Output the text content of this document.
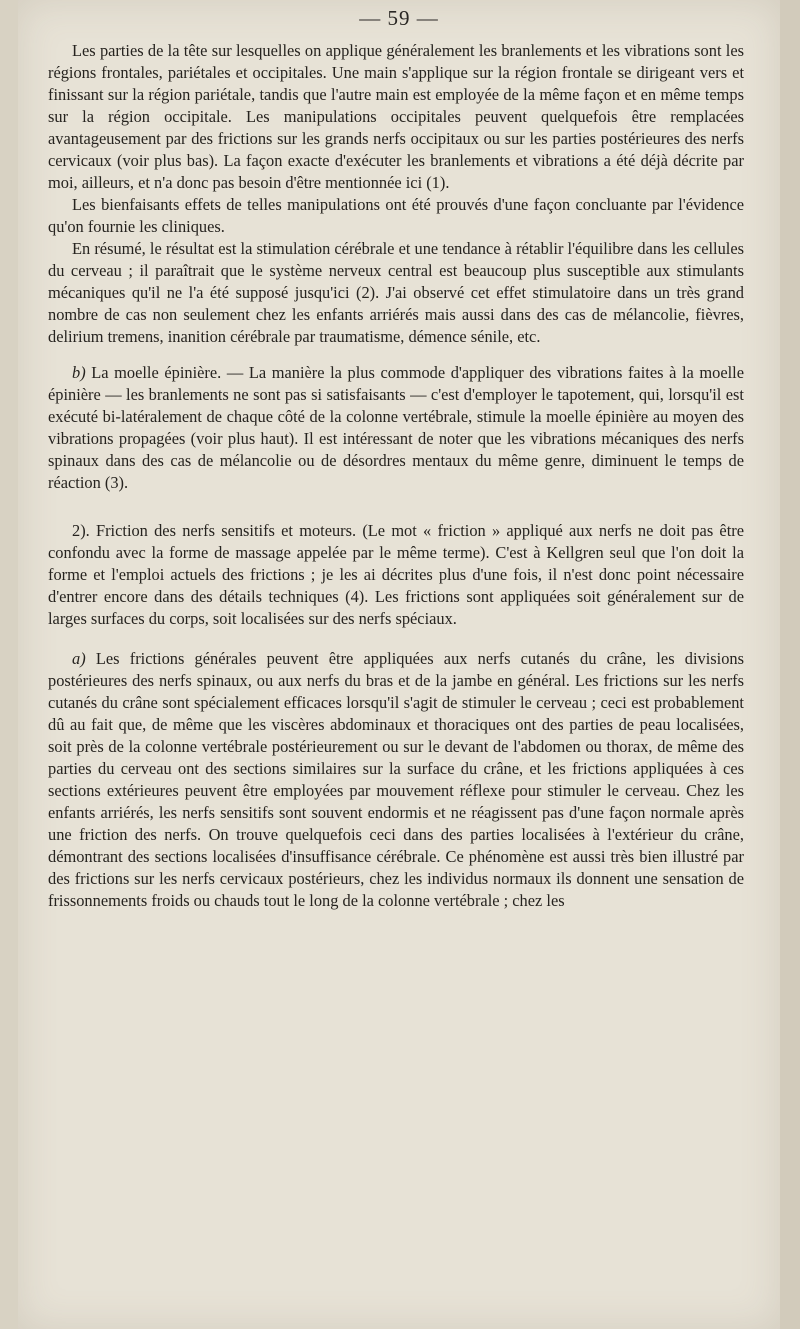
— 59 —

Les parties de la tête sur lesquelles on applique généralement les branlements et les vibrations sont les régions frontales, pariétales et occipitales. Une main s'applique sur la région frontale se dirigeant vers et finissant sur la région pariétale, tandis que l'autre main est employée de la même façon et en même temps sur la région occipitale. Les manipulations occipitales peuvent quelquefois être remplacées avantageusement par des frictions sur les grands nerfs occipitaux ou sur les parties postérieures des nerfs cervicaux (voir plus bas). La façon exacte d'exécuter les branlements et vibrations a été déjà décrite par moi, ailleurs, et n'a donc pas besoin d'être mentionnée ici (1).

Les bienfaisants effets de telles manipulations ont été prouvés d'une façon concluante par l'évidence qu'on fournie les cliniques.

En résumé, le résultat est la stimulation cérébrale et une tendance à rétablir l'équilibre dans les cellules du cerveau ; il paraîtrait que le système nerveux central est beaucoup plus susceptible aux stimulants mécaniques qu'il ne l'a été supposé jusqu'ici (2). J'ai observé cet effet stimulatoire dans un très grand nombre de cas non seulement chez les enfants arriérés mais aussi dans des cas de mélancolie, fièvres, delirium tremens, inanition cérébrale par traumatisme, démence sénile, etc.

b) La moelle épinière. — La manière la plus commode d'appliquer des vibrations faites à la moelle épinière — les branlements ne sont pas si satisfaisants — c'est d'employer le tapotement, qui, lorsqu'il est exécuté bi-latéralement de chaque côté de la colonne vertébrale, stimule la moelle épinière au moyen des vibrations propagées (voir plus haut). Il est intéressant de noter que les vibrations mécaniques des nerfs spinaux dans des cas de mélancolie ou de désordres mentaux du même genre, diminuent le temps de réaction (3).

2). Friction des nerfs sensitifs et moteurs. (Le mot « friction » appliqué aux nerfs ne doit pas être confondu avec la forme de massage appelée par le même terme). C'est à Kellgren seul que l'on doit la forme et l'emploi actuels des frictions ; je les ai décrites plus d'une fois, il n'est donc point nécessaire d'entrer encore dans des détails techniques (4). Les frictions sont appliquées soit généralement sur de larges surfaces du corps, soit localisées sur des nerfs spéciaux.

a) Les frictions générales peuvent être appliquées aux nerfs cutanés du crâne, les divisions postérieures des nerfs spinaux, ou aux nerfs du bras et de la jambe en général. Les frictions sur les nerfs cutanés du crâne sont spécialement efficaces lorsqu'il s'agit de stimuler le cerveau ; ceci est probablement dû au fait que, de même que les viscères abdominaux et thoraciques ont des parties de peau localisées, soit près de la colonne vertébrale postérieurement ou sur le devant de l'abdomen ou thorax, de même des parties du cerveau ont des sections similaires sur la surface du crâne, et les frictions appliquées à ces sections extérieures peuvent être employées par mouvement réflexe pour stimuler le cerveau. Chez les enfants arriérés, les nerfs sensitifs sont souvent endormis et ne réagissent pas d'une façon normale après une friction des nerfs. On trouve quelquefois ceci dans des parties localisées à l'extérieur du crâne, démontrant des sections localisées d'insuffisance cérébrale. Ce phénomène est aussi très bien illustré par des frictions sur les nerfs cervicaux postérieurs, chez les individus normaux ils donnent une sensation de frissonnements froids ou chauds tout le long de la colonne vertébrale ; chez les
